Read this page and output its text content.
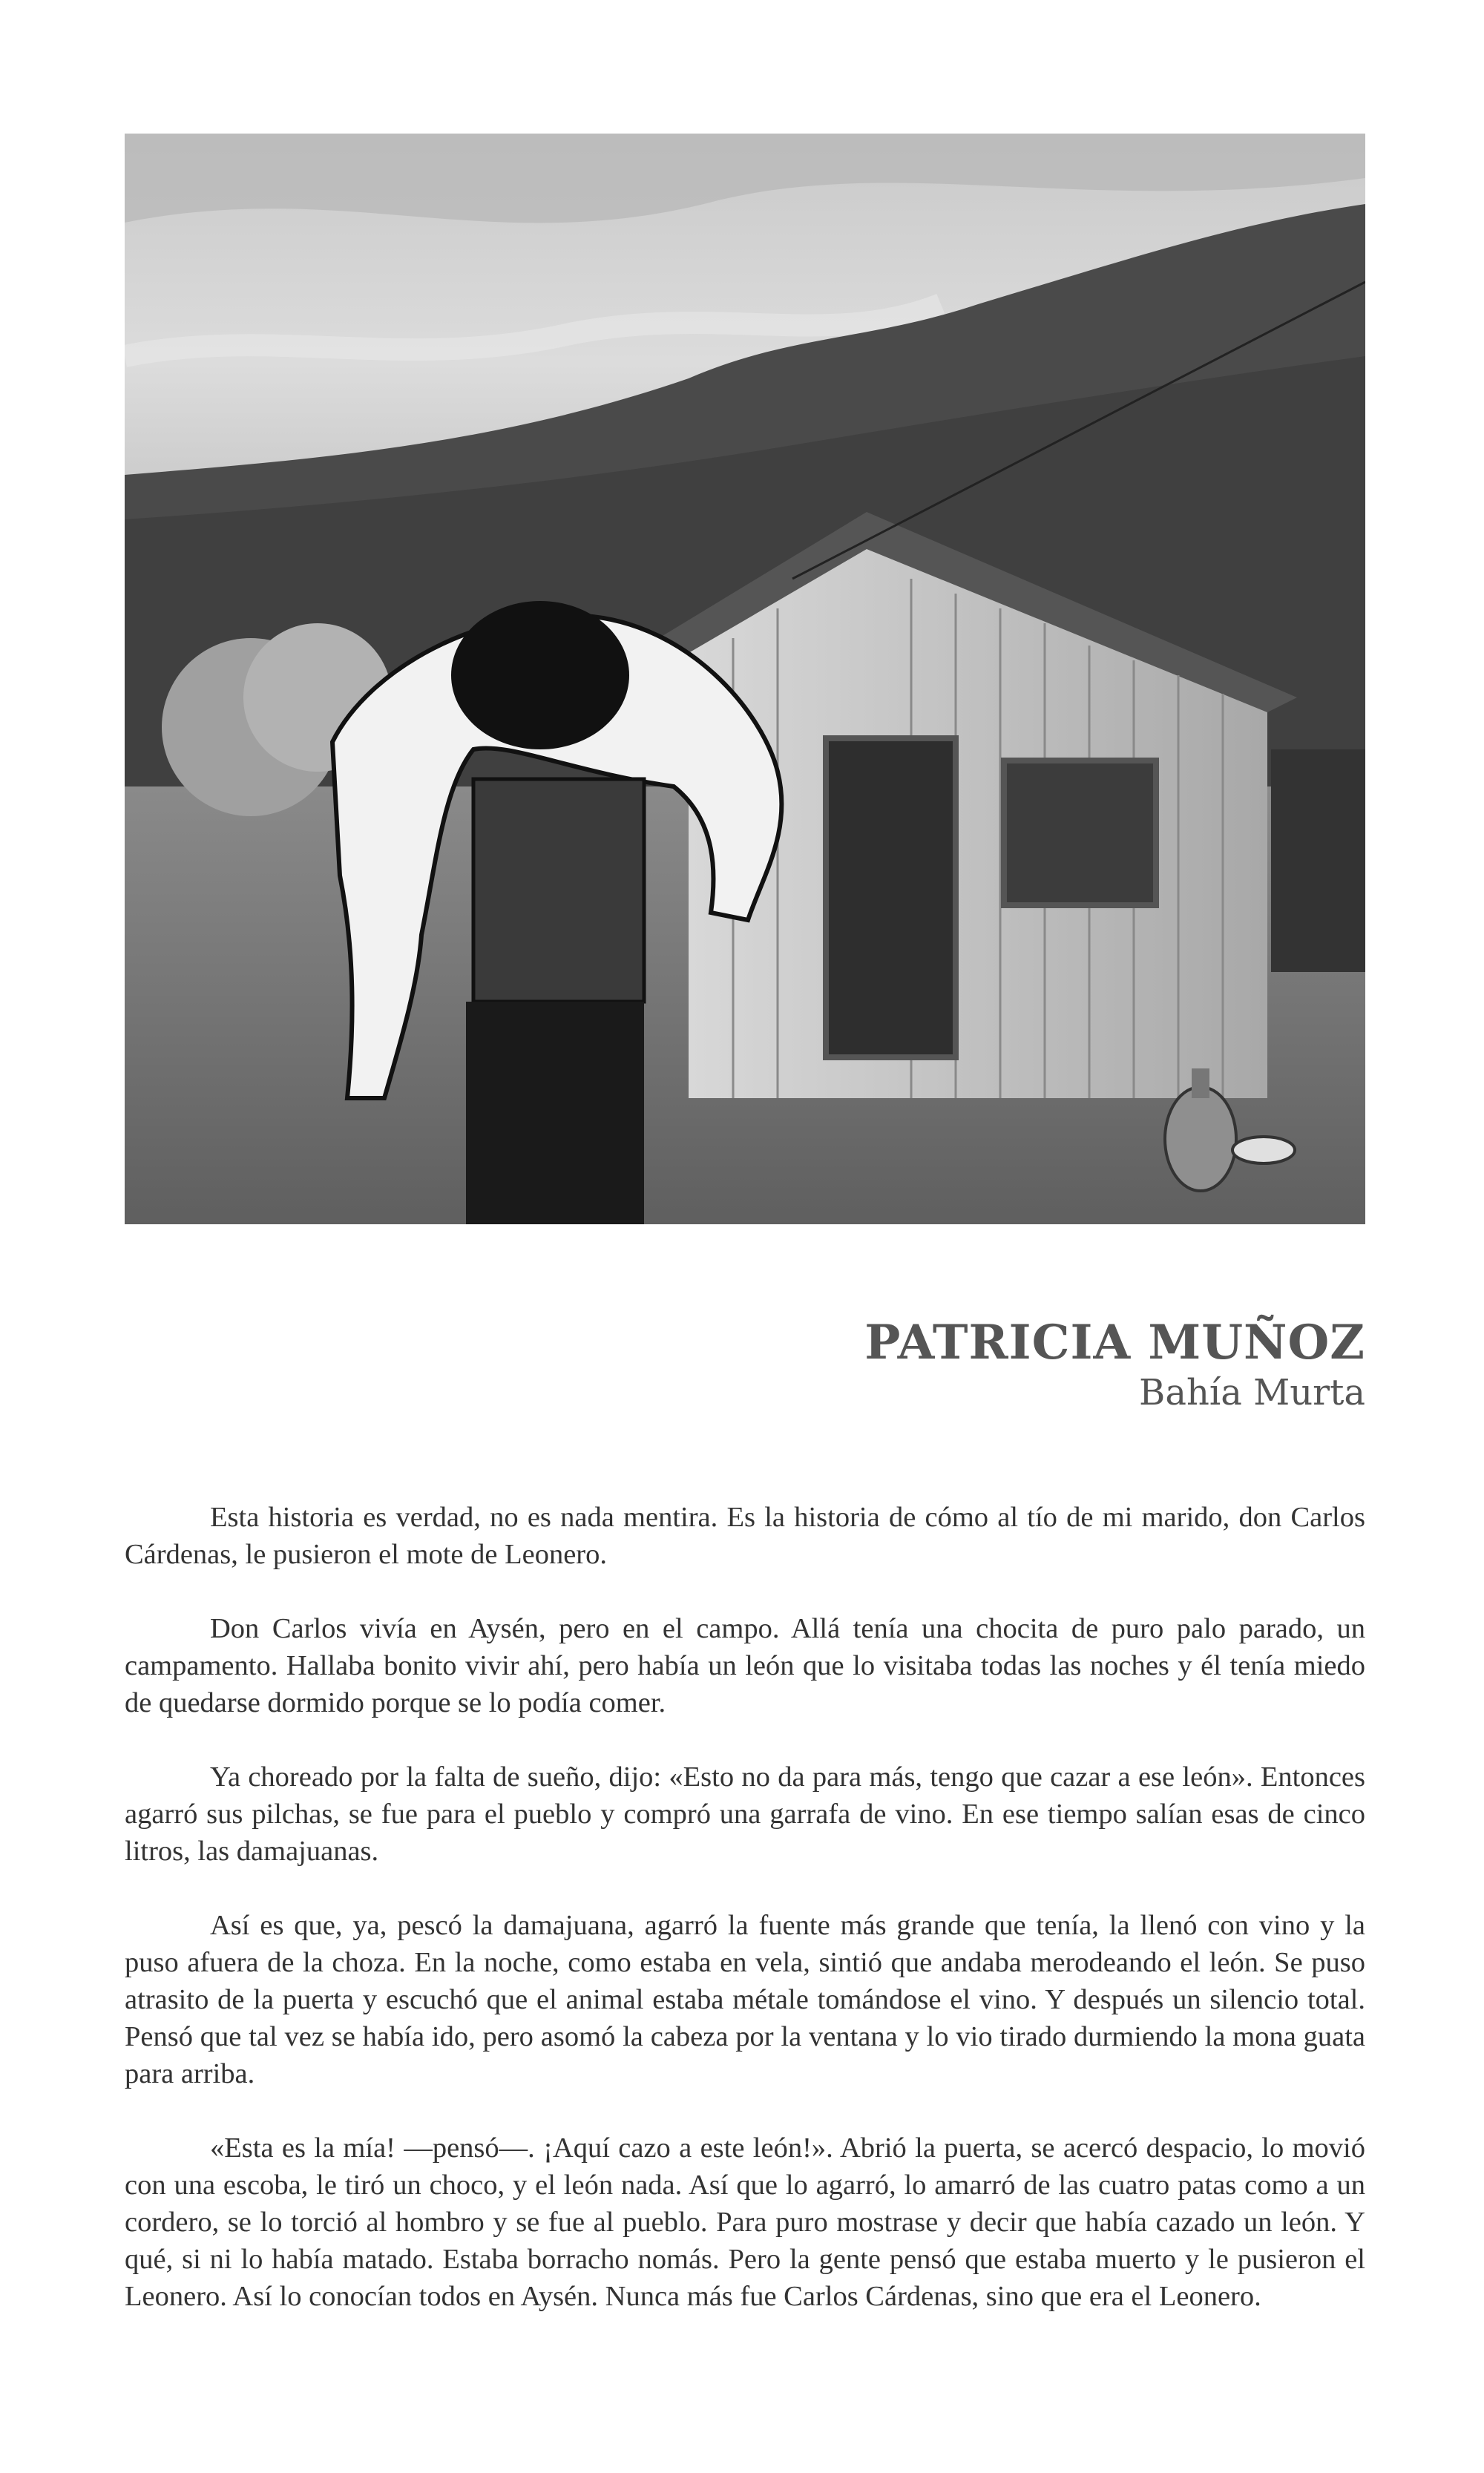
PATRICIA MUÑOZ
Bahía Murta

Esta historia es verdad, no es nada mentira. Es la historia de cómo al tío de mi marido, don Carlos Cárdenas, le pusieron el mote de Leonero.

Don Carlos vivía en Aysén, pero en el campo. Allá tenía una chocita de puro palo parado, un campamento. Hallaba bonito vivir ahí, pero había un león que lo visitaba todas las noches y él tenía miedo de quedarse dormido porque se lo podía comer.

Ya choreado por la falta de sueño, dijo: «Esto no da para más, tengo que cazar a ese león». Entonces agarró sus pilchas, se fue para el pueblo y compró una garrafa de vino. En ese tiempo salían esas de cinco litros, las damajuanas.

Así es que, ya, pescó la damajuana, agarró la fuente más grande que tenía, la llenó con vino y la puso afuera de la choza. En la noche, como estaba en vela, sintió que andaba merodeando el león. Se puso atrasito de la puerta y escuchó que el animal estaba métale tomándose el vino. Y después un silencio total. Pensó que tal vez se había ido, pero asomó la cabeza por la ventana y lo vio tirado durmiendo la mona guata para arriba.

«Esta es la mía! —pensó—. ¡Aquí cazo a este león!». Abrió la puerta, se acercó despacio, lo movió con una escoba, le tiró un choco, y el león nada. Así que lo agarró, lo amarró de las cuatro patas como a un cordero, se lo torció al hombro y se fue al pueblo. Para puro mostrase y decir que había cazado un león. Y qué, si ni lo había matado. Estaba borracho nomás. Pero la gente pensó que estaba muerto y le pusieron el Leonero. Así lo conocían todos en Aysén. Nunca más fue Carlos Cárdenas, sino que era el Leonero.
